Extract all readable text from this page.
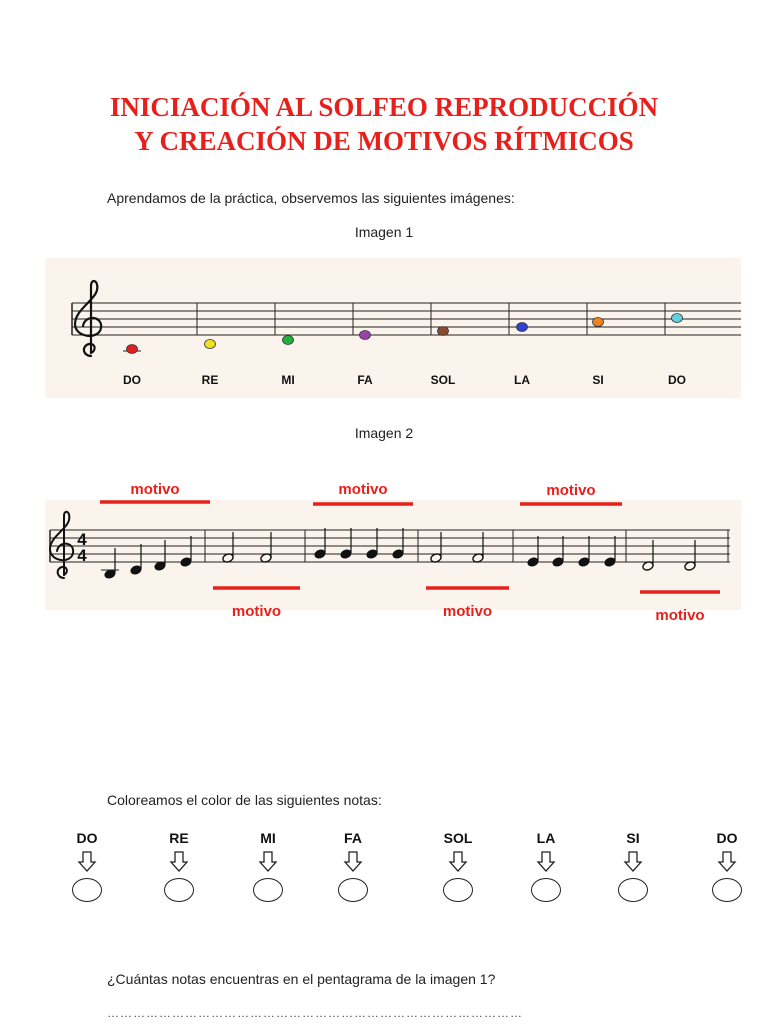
INICIACIÓN AL SOLFEO REPRODUCCIÓN
Y CREACIÓN DE MOTIVOS RÍTMICOS

Aprendamos de la práctica, observemos las siguientes imágenes:

Imagen 1
DO	RE	MI	FA	SOL	LA	SI	DO
Imagen 2
4
4
motivo
motivo
motivo
motivo
motivo
motivo

Coloreamos el color de las siguientes notas:

DO	RE	MI	FA	SOL	LA	SI	DO

¿Cuántas notas encuentras en el pentagrama de la imagen 1?

……………………………………………………………………………………
